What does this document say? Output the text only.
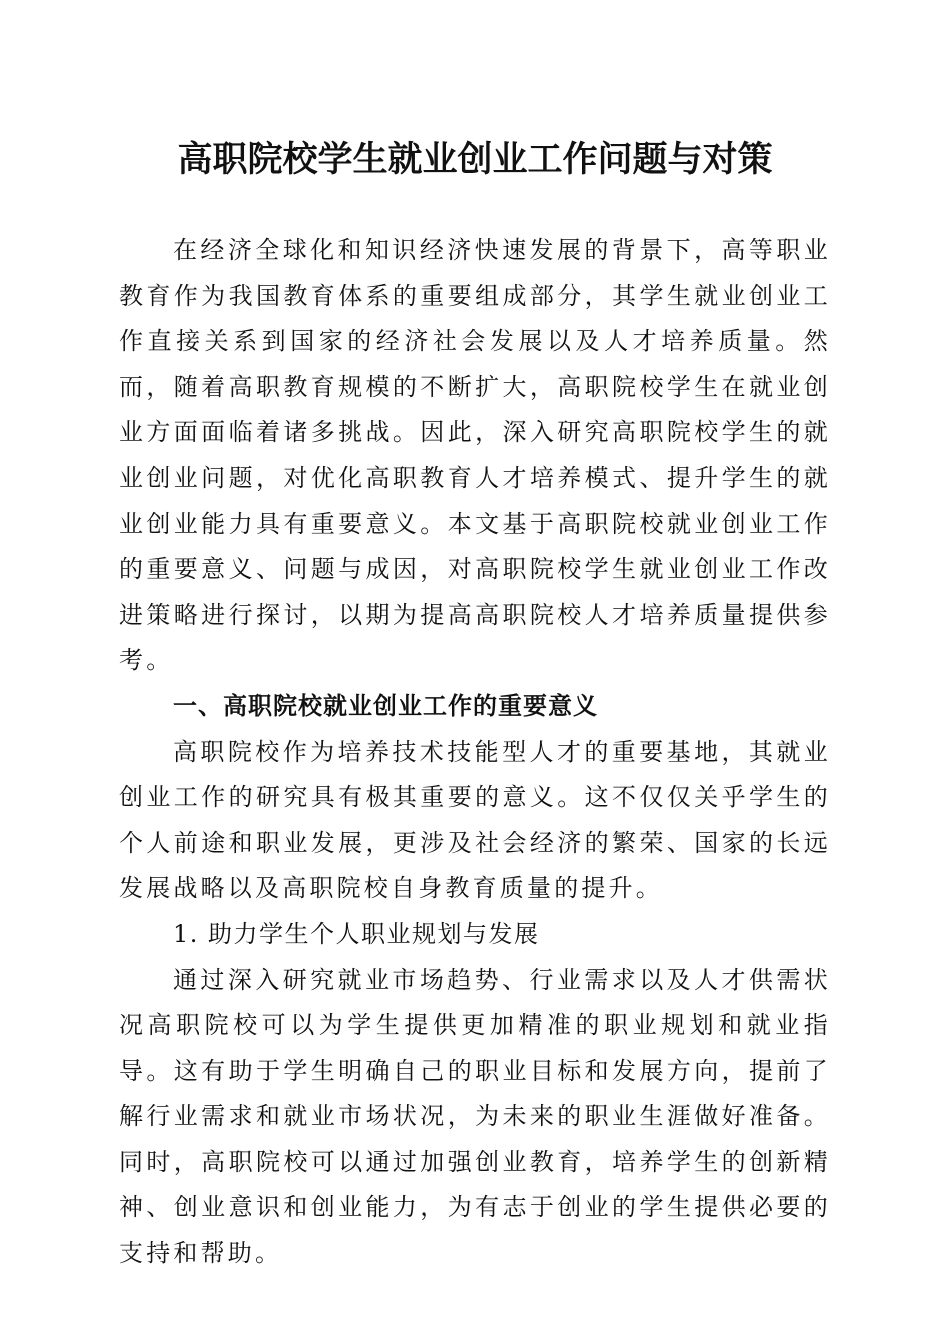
高职院校学生就业创业工作问题与对策

在经济全球化和知识经济快速发展的背景下，高等职业教育作为我国教育体系的重要组成部分，其学生就业创业工作直接关系到国家的经济社会发展以及人才培养质量。然而，随着高职教育规模的不断扩大，高职院校学生在就业创业方面面临着诸多挑战。因此，深入研究高职院校学生的就业创业问题，对优化高职教育人才培养模式、提升学生的就业创业能力具有重要意义。本文基于高职院校就业创业工作的重要意义、问题与成因，对高职院校学生就业创业工作改进策略进行探讨，以期为提高高职院校人才培养质量提供参考。

一、高职院校就业创业工作的重要意义

高职院校作为培养技术技能型人才的重要基地，其就业创业工作的研究具有极其重要的意义。这不仅仅关乎学生的个人前途和职业发展，更涉及社会经济的繁荣、国家的长远发展战略以及高职院校自身教育质量的提升。

1. 助力学生个人职业规划与发展

通过深入研究就业市场趋势、行业需求以及人才供需状况高职院校可以为学生提供更加精准的职业规划和就业指导。这有助于学生明确自己的职业目标和发展方向，提前了解行业需求和就业市场状况，为未来的职业生涯做好准备。同时，高职院校可以通过加强创业教育，培养学生的创新精神、创业意识和创业能力，为有志于创业的学生提供必要的支持和帮助。
